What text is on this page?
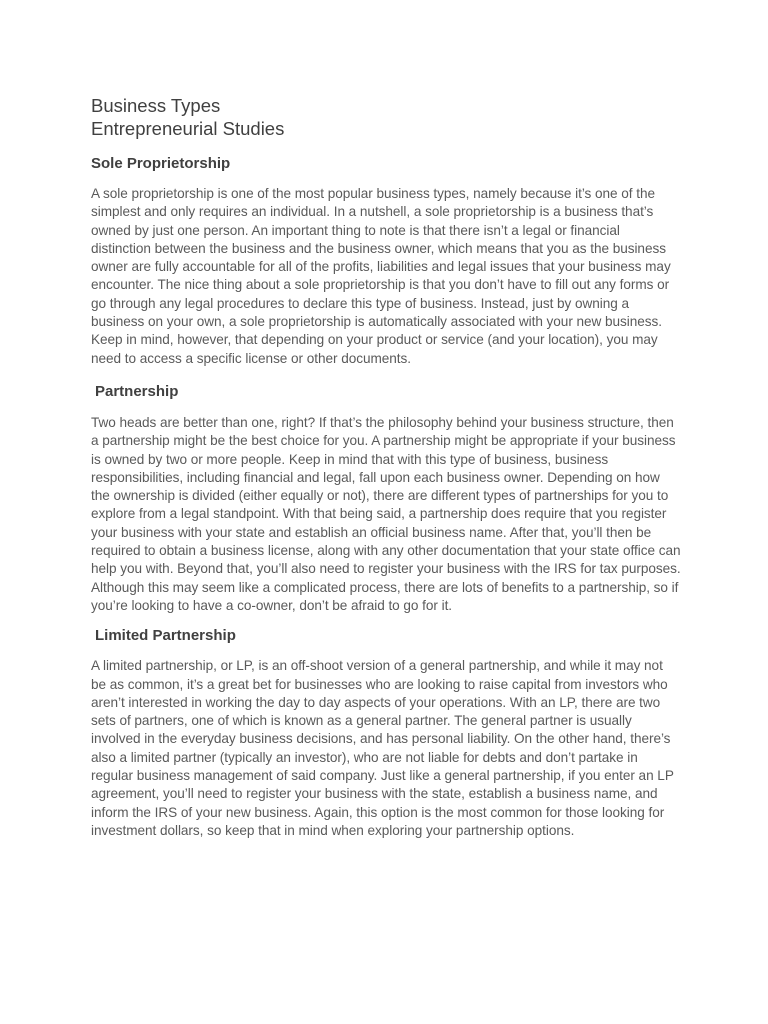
Business Types
Entrepreneurial Studies
Sole Proprietorship

A sole proprietorship is one of the most popular business types, namely because it’s one of the simplest and only requires an individual. In a nutshell, a sole proprietorship is a business that’s owned by just one person. An important thing to note is that there isn’t a legal or financial distinction between the business and the business owner, which means that you as the business owner are fully accountable for all of the profits, liabilities and legal issues that your business may encounter. The nice thing about a sole proprietorship is that you don’t have to fill out any forms or go through any legal procedures to declare this type of business. Instead, just by owning a business on your own, a sole proprietorship is automatically associated with your new business. Keep in mind, however, that depending on your product or service (and your location), you may need to access a specific license or other documents.

Partnership

Two heads are better than one, right? If that’s the philosophy behind your business structure, then a partnership might be the best choice for you. A partnership might be appropriate if your business is owned by two or more people. Keep in mind that with this type of business, business responsibilities, including financial and legal, fall upon each business owner. Depending on how the ownership is divided (either equally or not), there are different types of partnerships for you to explore from a legal standpoint. With that being said, a partnership does require that you register your business with your state and establish an official business name. After that, you’ll then be required to obtain a business license, along with any other documentation that your state office can help you with. Beyond that, you’ll also need to register your business with the IRS for tax purposes. Although this may seem like a complicated process, there are lots of benefits to a partnership, so if you’re looking to have a co-owner, don’t be afraid to go for it.

Limited Partnership

A limited partnership, or LP, is an off-shoot version of a general partnership, and while it may not be as common, it’s a great bet for businesses who are looking to raise capital from investors who aren’t interested in working the day to day aspects of your operations. With an LP, there are two sets of partners, one of which is known as a general partner. The general partner is usually involved in the everyday business decisions, and has personal liability. On the other hand, there’s also a limited partner (typically an investor), who are not liable for debts and don’t partake in regular business management of said company. Just like a general partnership, if you enter an LP agreement, you’ll need to register your business with the state, establish a business name, and inform the IRS of your new business. Again, this option is the most common for those looking for investment dollars, so keep that in mind when exploring your partnership options.
